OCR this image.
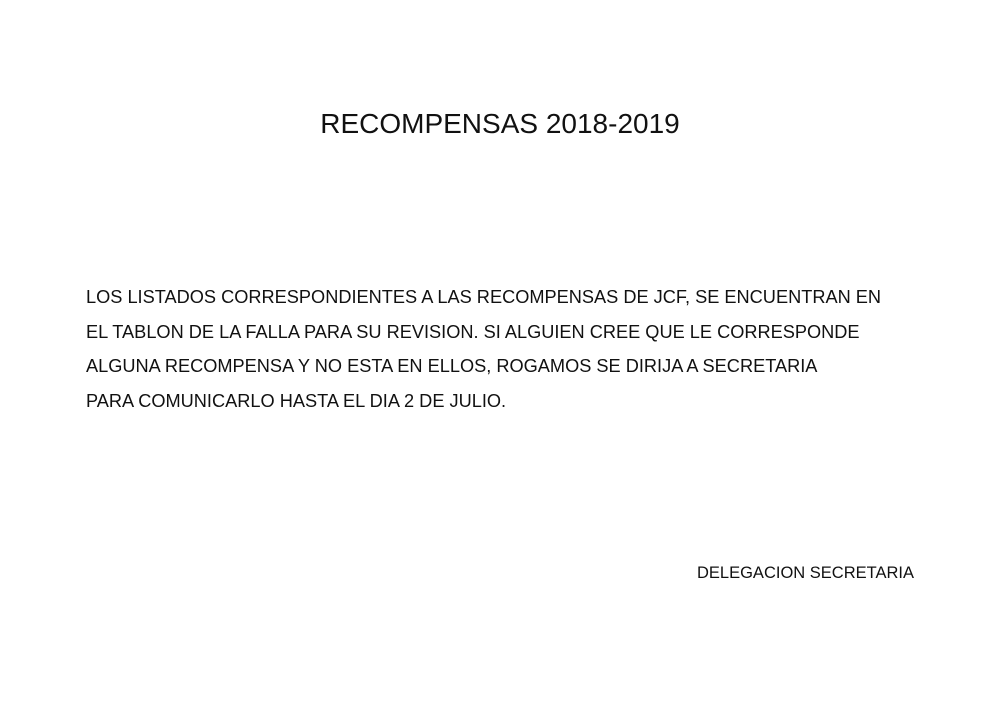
RECOMPENSAS 2018-2019
LOS LISTADOS CORRESPONDIENTES A LAS RECOMPENSAS DE JCF, SE ENCUENTRAN EN
EL TABLON DE LA FALLA PARA SU REVISION. SI ALGUIEN CREE QUE LE CORRESPONDE
ALGUNA RECOMPENSA Y NO ESTA EN ELLOS, ROGAMOS SE DIRIJA A SECRETARIA
PARA COMUNICARLO HASTA EL DIA 2 DE JULIO.
DELEGACION SECRETARIA
